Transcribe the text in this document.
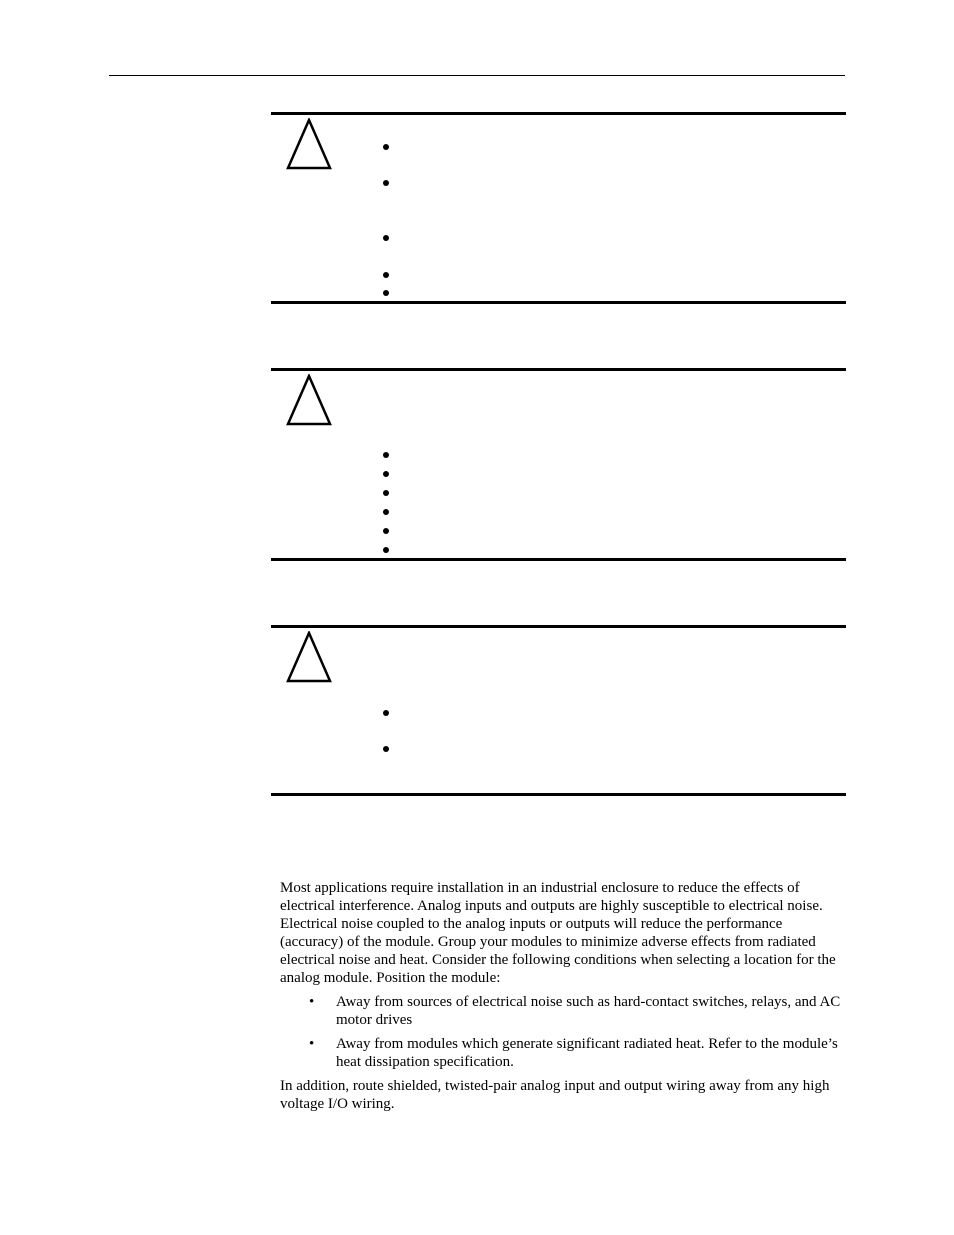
Most applications require installation in an industrial enclosure to reduce the effects of electrical interference. Analog inputs and outputs are highly susceptible to electrical noise. Electrical noise coupled to the analog inputs or outputs will reduce the performance (accuracy) of the module. Group your modules to minimize adverse effects from radiated electrical noise and heat. Consider the following conditions when selecting a location for the analog module. Position the module:

• Away from sources of electrical noise such as hard-contact switches, relays, and AC motor drives
• Away from modules which generate significant radiated heat. Refer to the module’s heat dissipation specification.

In addition, route shielded, twisted-pair analog input and output wiring away from any high voltage I/O wiring.
